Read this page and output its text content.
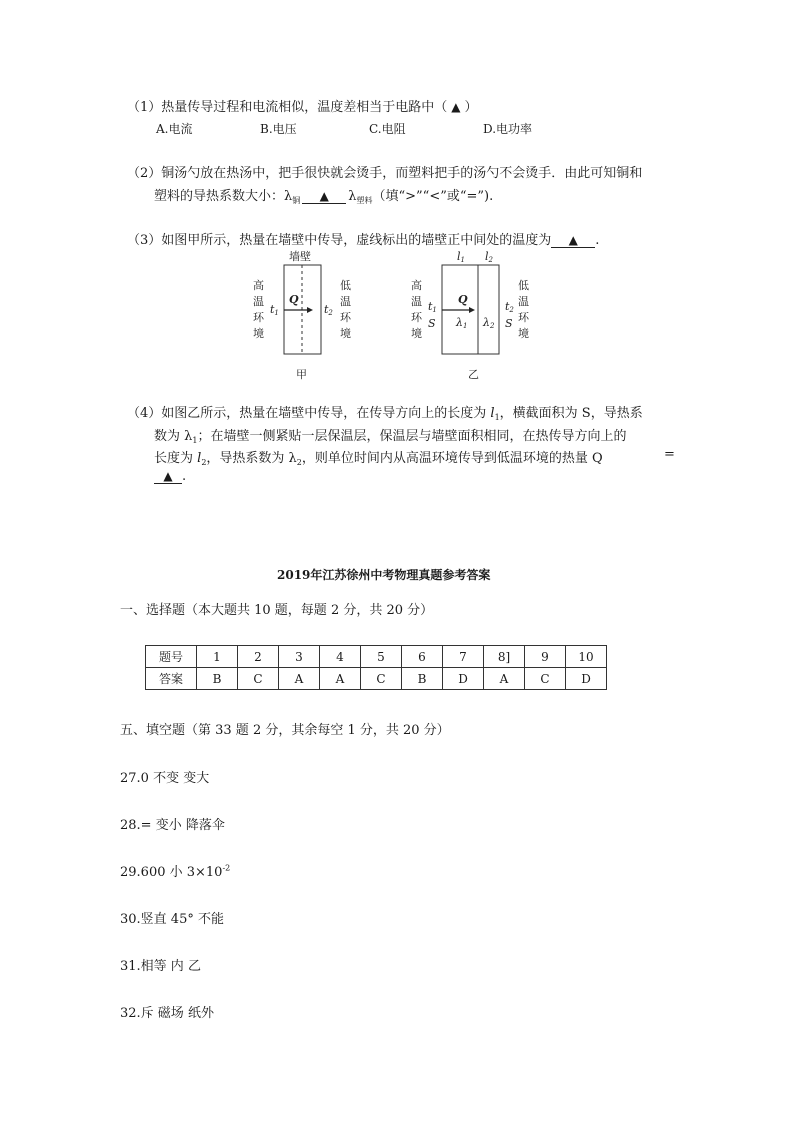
（1）热量传导过程和电流相似，温度差相当于电路中（ ▲ ）
A.电流	B.电压	C.电阻	D.电功率
（2）铜汤勺放在热汤中，把手很快就会烫手，而塑料把手的汤勺不会烫手．由此可知铜和
塑料的导热系数大小：$\lambda_铜$ ▲ $\lambda_{塑料}$（填“>”“<”或“=”).
（3）如图甲所示，热量在墙壁中传导，虚线标出的墙壁正中间处的温度为 ▲ .
墙壁
Q
t1	t2
高
温
环
境
低
温
环
境
甲
l1 l2
Q
t1
S
t2
S
λ1 λ2
高
温
环
境
低
温
环
境
乙
（4）如图乙所示，热量在墙壁中传导，在传导方向上的长度为 $l_1$，横截面积为 S，导热系
数为 $\lambda_1$；在墙壁一侧紧贴一层保温层，保温层与墙壁面积相同，在热传导方向上的
长度为 $l_2$，导热系数为 $\lambda_2$，则单位时间内从高温环境传导到低温环境的热量 Q	=
▲ .
2019年江苏徐州中考物理真题参考答案
一、选择题（本大题共 10 题，每题 2 分，共 20 分）
题号	1	2	3	4	5	6	7	8]	9	10
答案	B	C	A	A	C	B	D	A	C	D
五、填空题（第 33 题 2 分，其余每空 1 分，共 20 分）
27.0 不变 变大
28.= 变小 降落伞
29.600 小 $3\times 10^{-2}$
30.竖直 45° 不能
31.相等 内 乙
32.斥 磁场 纸外
